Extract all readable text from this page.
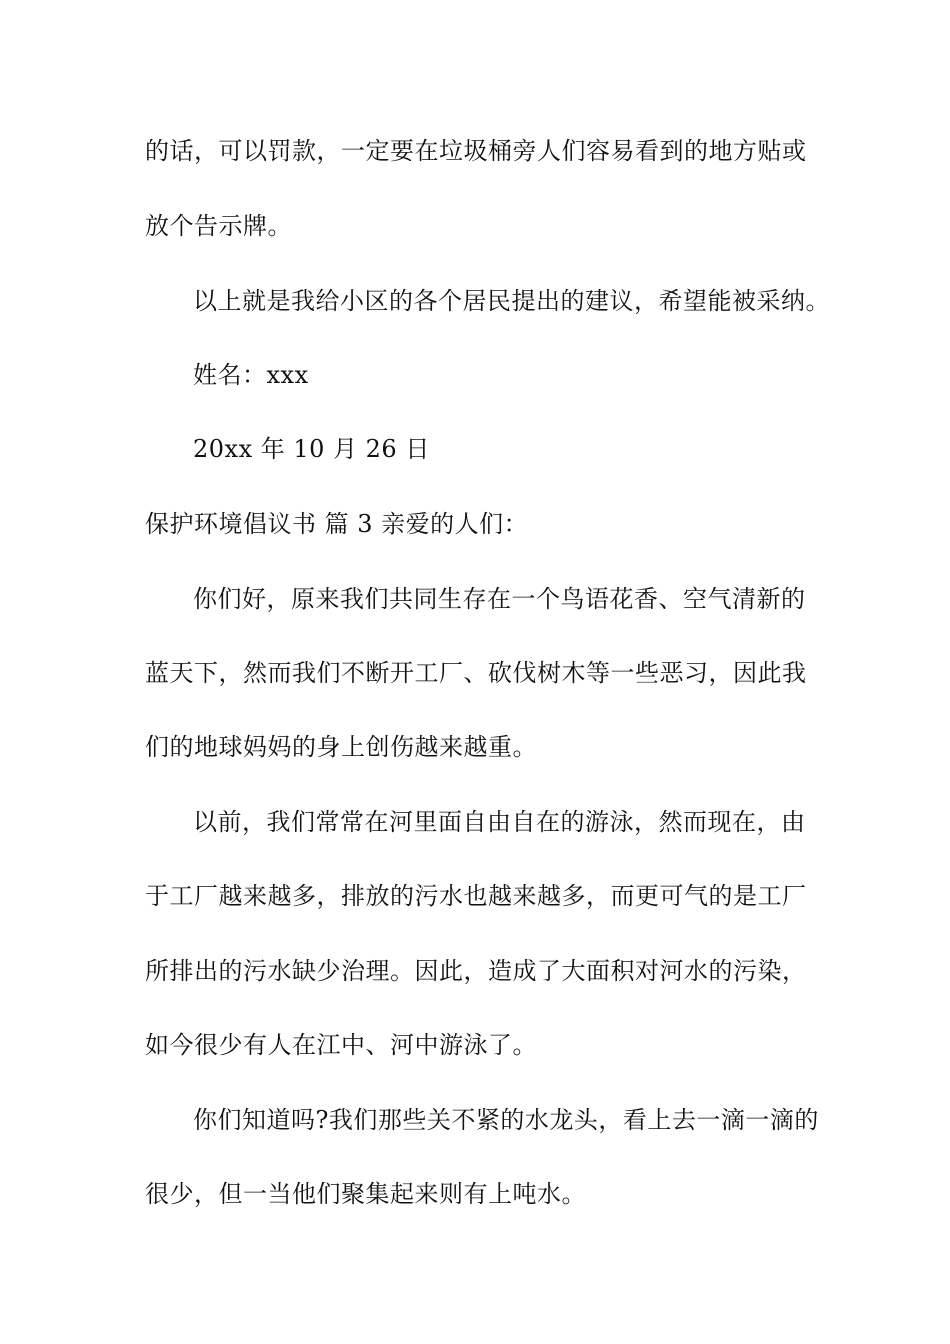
的话，可以罚款，一定要在垃圾桶旁人们容易看到的地方贴或
放个告示牌。
以上就是我给小区的各个居民提出的建议，希望能被采纳。
姓名：xxx
20xx 年 10 月 26 日
保护环境倡议书 篇 3 亲爱的人们：
你们好，原来我们共同生存在一个鸟语花香、空气清新的
蓝天下，然而我们不断开工厂、砍伐树木等一些恶习，因此我
们的地球妈妈的身上创伤越来越重。
以前，我们常常在河里面自由自在的游泳，然而现在，由
于工厂越来越多，排放的污水也越来越多，而更可气的是工厂
所排出的污水缺少治理。因此，造成了大面积对河水的污染，
如今很少有人在江中、河中游泳了。
你们知道吗?我们那些关不紧的水龙头，看上去一滴一滴的
很少，但一当他们聚集起来则有上吨水。
